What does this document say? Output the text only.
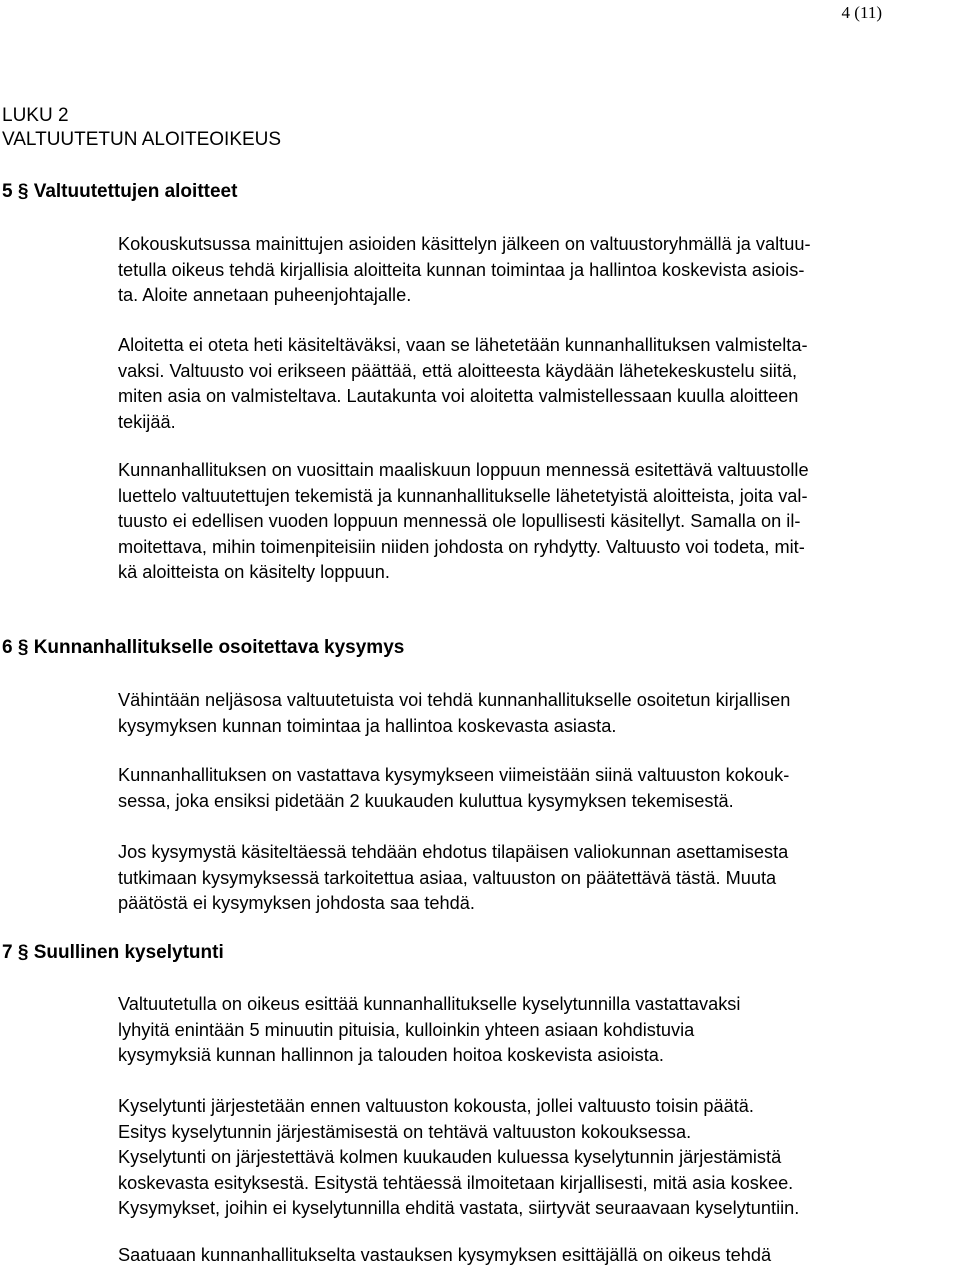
4 (11)
LUKU 2
VALTUUTETUN ALOITEOIKEUS
5 § Valtuutettujen aloitteet
Kokouskutsussa mainittujen asioiden käsittelyn jälkeen on valtuustoryhmällä ja valtuu-
tetulla oikeus tehdä kirjallisia aloitteita kunnan toimintaa ja hallintoa koskevista asiois-
ta. Aloite annetaan puheenjohtajalle.
Aloitetta ei oteta heti käsiteltäväksi, vaan se lähetetään kunnanhallituksen valmistelta-
vaksi. Valtuusto voi erikseen päättää, että aloitteesta käydään lähetekeskustelu siitä,
miten asia on valmisteltava. Lautakunta voi aloitetta valmistellessaan kuulla aloitteen
tekijää.
Kunnanhallituksen on vuosittain maaliskuun loppuun mennessä esitettävä valtuustolle
luettelo valtuutettujen tekemistä ja kunnanhallitukselle lähetetyistä aloitteista, joita val-
tuusto ei edellisen vuoden loppuun mennessä ole lopullisesti käsitellyt. Samalla on il-
moitettava, mihin toimenpiteisiin niiden johdosta on ryhdytty. Valtuusto voi todeta, mit-
kä aloitteista on käsitelty loppuun.
6 § Kunnanhallitukselle osoitettava kysymys
Vähintään neljäsosa valtuutetuista voi tehdä kunnanhallitukselle osoitetun kirjallisen
kysymyksen kunnan toimintaa ja hallintoa koskevasta asiasta.
Kunnanhallituksen on vastattava kysymykseen viimeistään siinä valtuuston kokouk-
sessa, joka ensiksi pidetään 2 kuukauden kuluttua kysymyksen tekemisestä.
Jos kysymystä käsiteltäessä tehdään ehdotus tilapäisen valiokunnan asettamisesta
tutkimaan kysymyksessä tarkoitettua asiaa, valtuuston on päätettävä tästä. Muuta
päätöstä ei kysymyksen johdosta saa tehdä.
7 § Suullinen kyselytunti
Valtuutetulla on oikeus esittää kunnanhallitukselle kyselytunnilla vastattavaksi
lyhyitä enintään 5 minuutin pituisia, kulloinkin yhteen asiaan kohdistuvia
kysymyksiä kunnan hallinnon ja talouden hoitoa koskevista asioista.
Kyselytunti järjestetään ennen valtuuston kokousta, jollei valtuusto toisin päätä.
Esitys kyselytunnin järjestämisestä on tehtävä valtuuston kokouksessa.
Kyselytunti on järjestettävä kolmen kuukauden kuluessa kyselytunnin järjestämistä
koskevasta esityksestä. Esitystä tehtäessä ilmoitetaan kirjallisesti, mitä asia koskee.
Kysymykset, joihin ei kyselytunnilla ehditä vastata, siirtyvät seuraavaan kyselytuntiin.
Saatuaan kunnanhallitukselta vastauksen kysymyksen esittäjällä on oikeus tehdä
